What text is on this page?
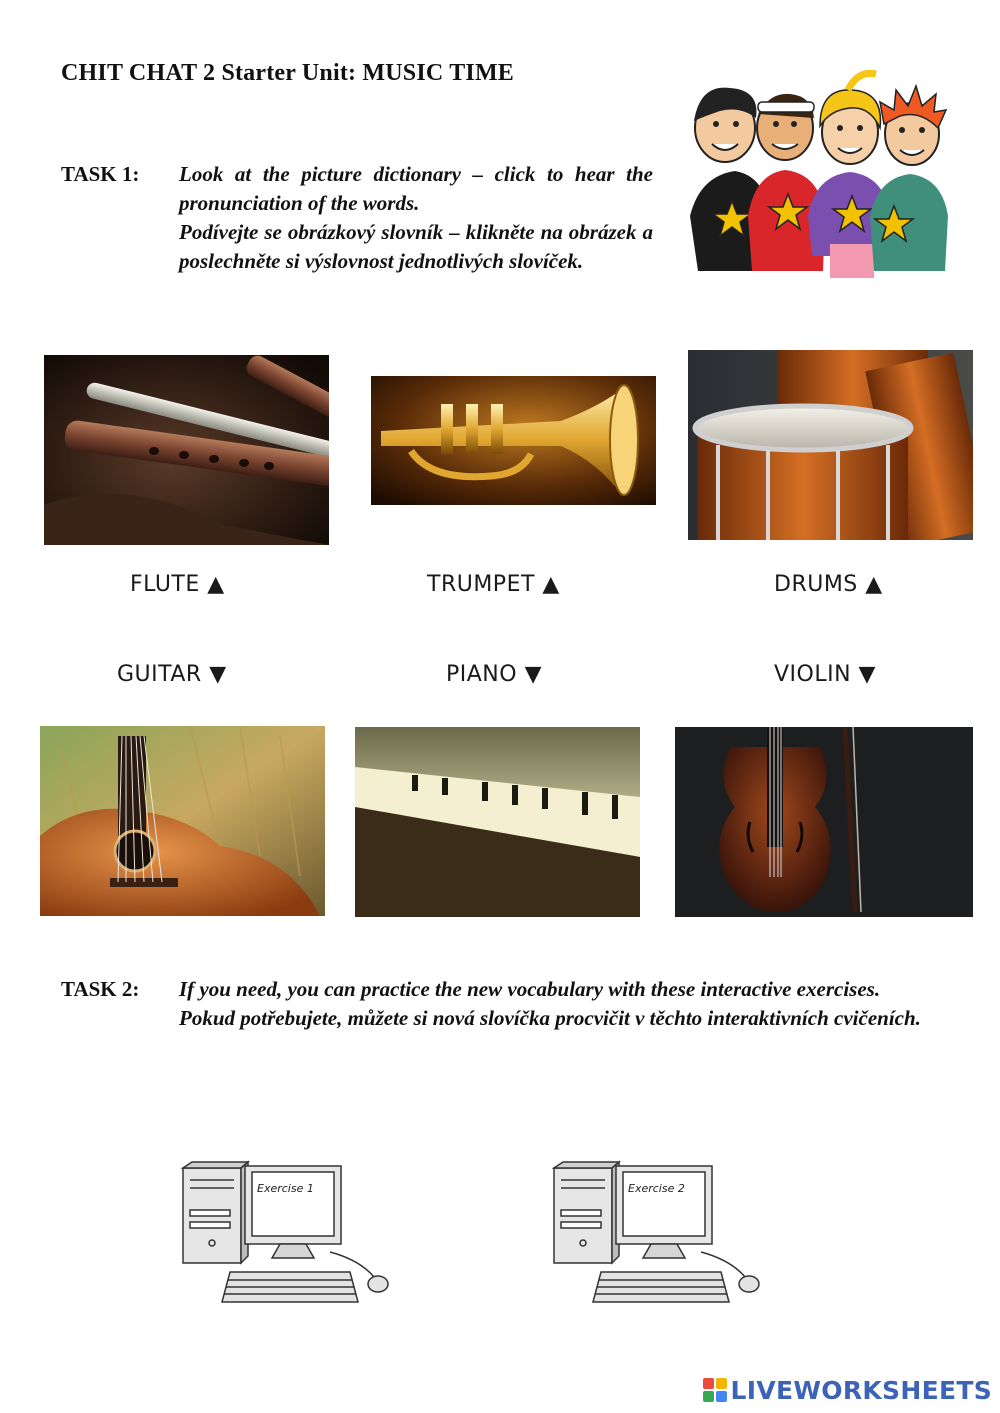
CHIT CHAT 2 Starter Unit: MUSIC TIME
TASK 1: Look at the picture dictionary – click to hear the pronunciation of the words.

Podívejte se obrázkový slovník – klikněte na obrázek a poslechněte si výslovnost jednotlivých slovíček.

FLUTE ▲	TRUMPET ▲	DRUMS ▲
GUITAR ▼	PIANO ▼	VIOLIN ▼
TASK 2: If you need, you can practice the new vocabulary with these interactive exercises.

Pokud potřebujete, můžete si nová slovíčka procvičit v těchto interaktivních cvičeních.

Exercise 1	Exercise 2
LIVEWORKSHEETS
